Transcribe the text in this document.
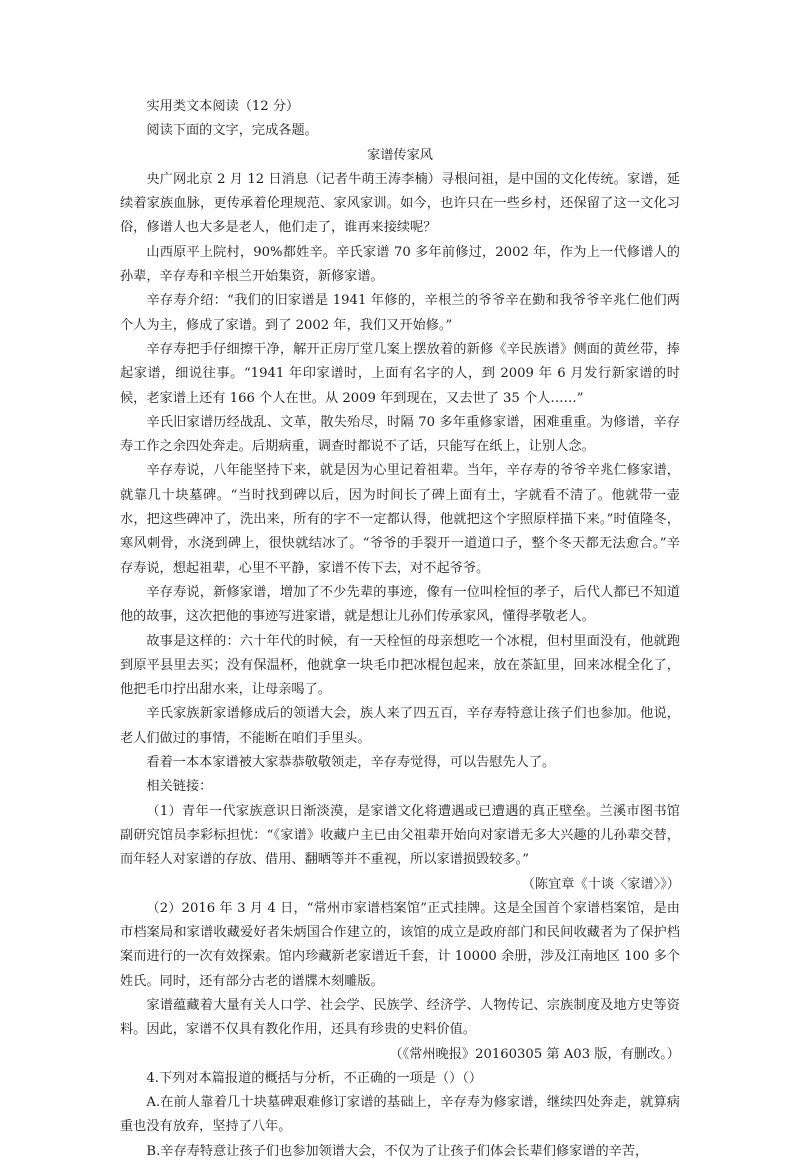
实用类文本阅读（12 分）

阅读下面的文字，完成各题。

家谱传家风

央广网北京 2 月 12 日消息（记者牛萌王涛李楠）寻根问祖，是中国的文化传统。家谱，延续着家族血脉，更传承着伦理规范、家风家训。如今，也许只在一些乡村，还保留了这一文化习俗，修谱人也大多是老人，他们走了，谁再来接续呢？

山西原平上院村，90%都姓辛。辛氏家谱 70 多年前修过，2002 年，作为上一代修谱人的孙辈，辛存寿和辛根兰开始集资，新修家谱。

辛存寿介绍：“我们的旧家谱是 1941 年修的，辛根兰的爷爷辛在勤和我爷爷辛兆仁他们两个人为主，修成了家谱。到了 2002 年，我们又开始修。”

辛存寿把手仔细擦干净，解开正房厅堂几案上摆放着的新修《辛民族谱》侧面的黄丝带，捧起家谱，细说往事。“1941 年印家谱时，上面有名字的人，到 2009 年 6 月发行新家谱的时候，老家谱上还有 166 个人在世。从 2009 年到现在，又去世了 35 个人……”

辛氏旧家谱历经战乱、文革，散失殆尽，时隔 70 多年重修家谱，困难重重。为修谱，辛存寿工作之余四处奔走。后期病重，调查时都说不了话，只能写在纸上，让别人念。

辛存寿说，八年能坚持下来，就是因为心里记着祖辈。当年，辛存寿的爷爷辛兆仁修家谱，就靠几十块墓碑。“当时找到碑以后，因为时间长了碑上面有土，字就看不清了。他就带一壶水，把这些碑冲了，洗出来，所有的字不一定都认得，他就把这个字照原样描下来。”时值隆冬，寒风刺骨，水浇到碑上，很快就结冰了。“爷爷的手裂开一道道口子，整个冬天都无法愈合。”辛存寿说，想起祖辈，心里不平静，家谱不传下去，对不起爷爷。

辛存寿说，新修家谱，增加了不少先辈的事迹，像有一位叫栓恒的孝子，后代人都已不知道他的故事，这次把他的事迹写进家谱，就是想让儿孙们传承家风，懂得孝敬老人。

故事是这样的：六十年代的时候，有一天栓恒的母亲想吃一个冰棍，但村里面没有，他就跑到原平县里去买；没有保温杯，他就拿一块毛巾把冰棍包起来，放在茶缸里，回来冰棍全化了，他把毛巾拧出甜水来，让母亲喝了。

辛氏家族新家谱修成后的领谱大会，族人来了四五百，辛存寿特意让孩子们也参加。他说，老人们做过的事情，不能断在咱们手里头。

看着一本本家谱被大家恭恭敬敬领走，辛存寿觉得，可以告慰先人了。

相关链接：

（1）青年一代家族意识日渐淡漠，是家谱文化将遭遇或已遭遇的真正壁垒。兰溪市图书馆副研究馆员李彩标担忧：“《家谱》收藏户主已由父祖辈开始向对家谱无多大兴趣的儿孙辈交替，而年轻人对家谱的存放、借用、翻晒等并不重视，所以家谱损毁较多。”

（陈宜章《十谈〈家谱〉》）

（2）2016 年 3 月 4 日，“常州市家谱档案馆”正式挂牌。这是全国首个家谱档案馆，是由市档案局和家谱收藏爱好者朱炳国合作建立的，该馆的成立是政府部门和民间收藏者为了保护档案而进行的一次有效探索。馆内珍藏新老家谱近千套，计 10000 余册，涉及江南地区 100 多个姓氏。同时，还有部分古老的谱牒木刻雕版。

家谱蕴藏着大量有关人口学、社会学、民族学、经济学、人物传记、宗族制度及地方史等资料。因此，家谱不仅具有教化作用，还具有珍贵的史料价值。

（《常州晚报》20160305 第 A03 版，有删改。）

4.下列对本篇报道的概括与分析，不正确的一项是（）（）

A.在前人靠着几十块墓碑艰难修订家谱的基础上，辛存寿为修家谱，继续四处奔走，就算病重也没有放弃，坚持了八年。

B.辛存寿特意让孩子们也参加领谱大会，不仅为了让孩子们体会长辈们修家谱的辛苦，
